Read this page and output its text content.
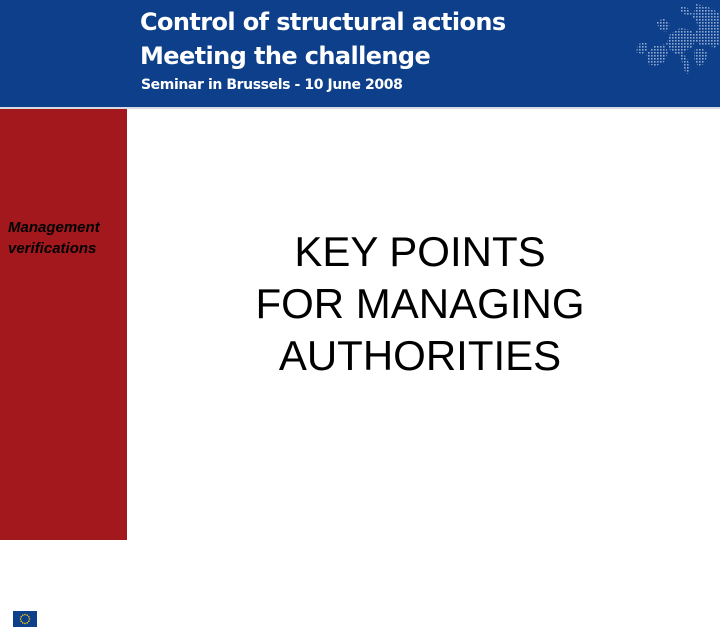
Control of structural actions
Meeting the challenge
Seminar in Brussels - 10 June 2008
Management verifications
European Union
Cohesion Policy
KEY POINTS
FOR MANAGING
AUTHORITIES
